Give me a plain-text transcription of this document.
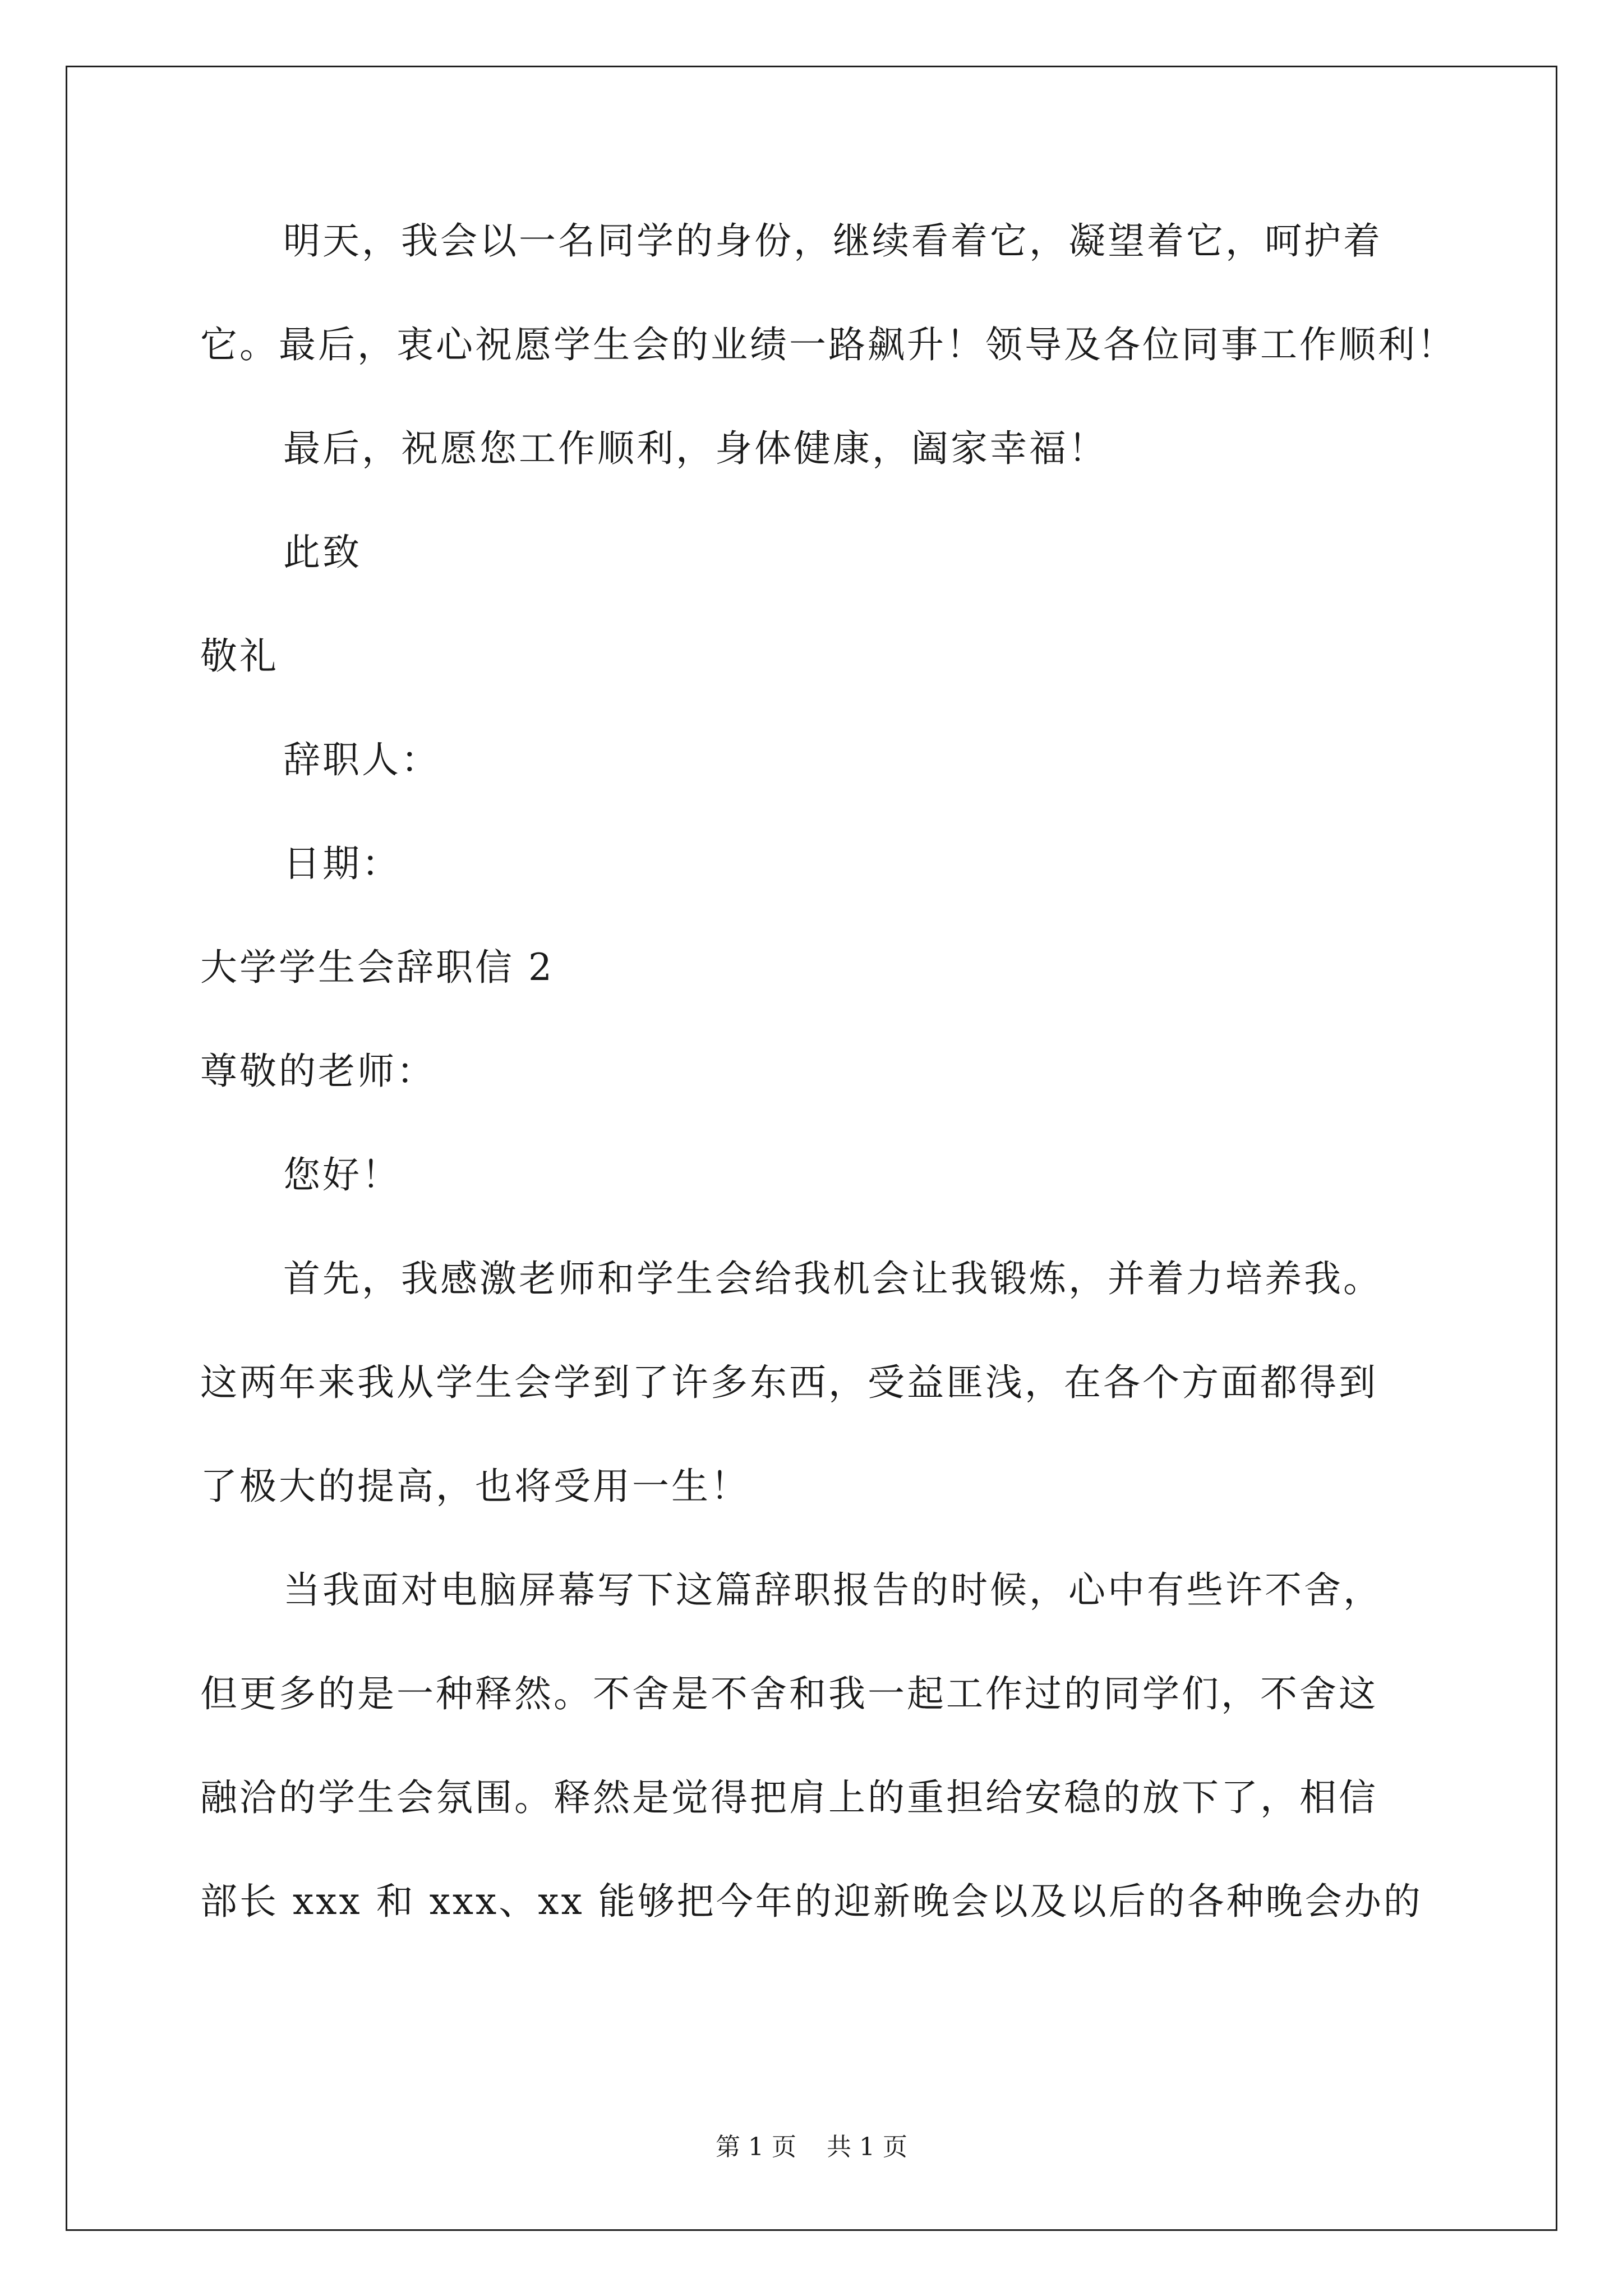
明天，我会以一名同学的身份，继续看着它，凝望着它，呵护着

它。最后，衷心祝愿学生会的业绩一路飙升！领导及各位同事工作顺利！

最后，祝愿您工作顺利，身体健康，阖家幸福！

此致

敬礼

辞职人：

日期：

大学学生会辞职信 2

尊敬的老师：

您好！

首先，我感激老师和学生会给我机会让我锻炼，并着力培养我。

这两年来我从学生会学到了许多东西，受益匪浅，在各个方面都得到

了极大的提高，也将受用一生！

当我面对电脑屏幕写下这篇辞职报告的时候，心中有些许不舍，

但更多的是一种释然。不舍是不舍和我一起工作过的同学们，不舍这

融洽的学生会氛围。释然是觉得把肩上的重担给安稳的放下了，相信

部长 xxx 和 xxx、xx 能够把今年的迎新晚会以及以后的各种晚会办的

第 1 页 共 1 页
